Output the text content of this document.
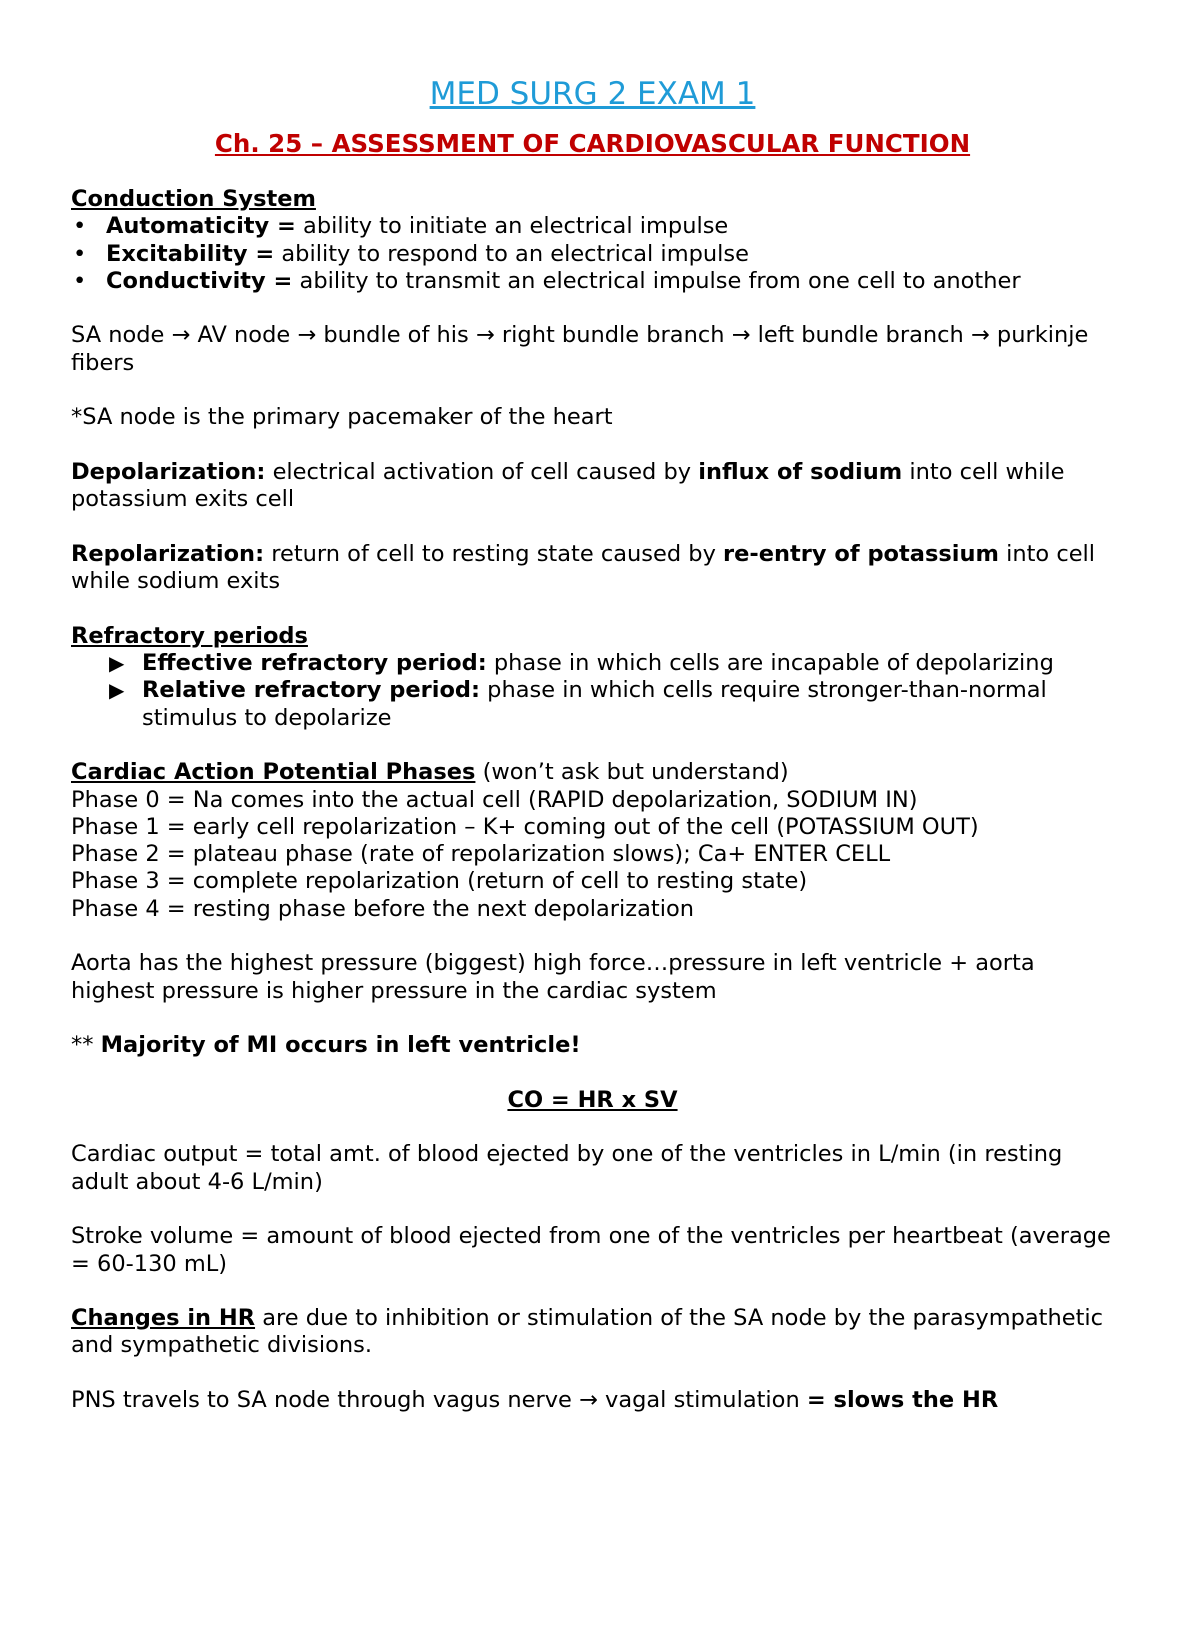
MED SURG 2 EXAM 1
Ch. 25 – ASSESSMENT OF CARDIOVASCULAR FUNCTION

Conduction System

• Automaticity = ability to initiate an electrical impulse
• Excitability = ability to respond to an electrical impulse
• Conductivity = ability to transmit an electrical impulse from one cell to another

SA node → AV node → bundle of his → right bundle branch → left bundle branch → purkinje fibers

*SA node is the primary pacemaker of the heart

Depolarization: electrical activation of cell caused by influx of sodium into cell while potassium exits cell

Repolarization: return of cell to resting state caused by re-entry of potassium into cell while sodium exits

Refractory periods

▶ Effective refractory period: phase in which cells are incapable of depolarizing
▶ Relative refractory period: phase in which cells require stronger-than-normal stimulus to depolarize

Cardiac Action Potential Phases (won’t ask but understand)

Phase 0 = Na comes into the actual cell (RAPID depolarization, SODIUM IN)

Phase 1 = early cell repolarization – K+ coming out of the cell (POTASSIUM OUT)

Phase 2 = plateau phase (rate of repolarization slows); Ca+ ENTER CELL

Phase 3 = complete repolarization (return of cell to resting state)

Phase 4 = resting phase before the next depolarization

Aorta has the highest pressure (biggest) high force…pressure in left ventricle + aorta highest pressure is higher pressure in the cardiac system

** Majority of MI occurs in left ventricle!

CO = HR x SV

Cardiac output = total amt. of blood ejected by one of the ventricles in L/min (in resting adult about 4-6 L/min)

Stroke volume = amount of blood ejected from one of the ventricles per heartbeat (average = 60-130 mL)

Changes in HR are due to inhibition or stimulation of the SA node by the parasympathetic and sympathetic divisions.

PNS travels to SA node through vagus nerve → vagal stimulation = slows the HR
